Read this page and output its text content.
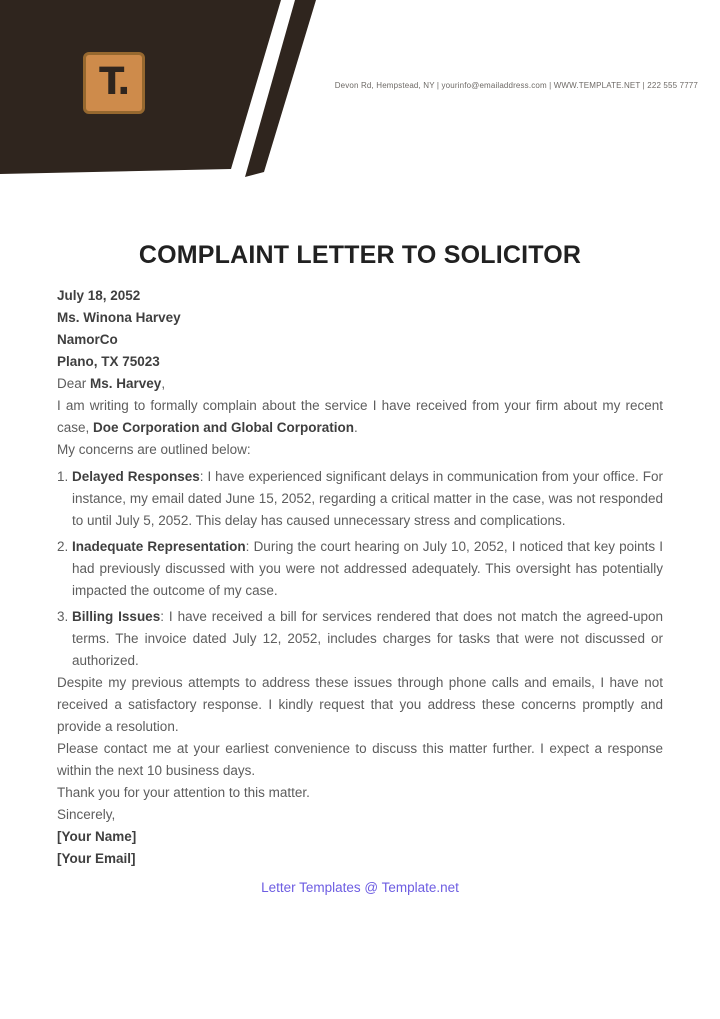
T.	Devon Rd, Hempstead, NY | yourinfo@emailaddress.com | WWW.TEMPLATE.NET | 222 555 7777
COMPLAINT LETTER TO SOLICITOR

July 18, 2052

Ms. Winona Harvey

NamorCo

Plano, TX 75023

Dear Ms. Harvey,

I am writing to formally complain about the service I have received from your firm about my recent case, Doe Corporation and Global Corporation.

My concerns are outlined below:

1. Delayed Responses: I have experienced significant delays in communication from your office. For instance, my email dated June 15, 2052, regarding a critical matter in the case, was not responded to until July 5, 2052. This delay has caused unnecessary stress and complications.
2. Inadequate Representation: During the court hearing on July 10, 2052, I noticed that key points I had previously discussed with you were not addressed adequately. This oversight has potentially impacted the outcome of my case.
3. Billing Issues: I have received a bill for services rendered that does not match the agreed-upon terms. The invoice dated July 12, 2052, includes charges for tasks that were not discussed or authorized.

Despite my previous attempts to address these issues through phone calls and emails, I have not received a satisfactory response. I kindly request that you address these concerns promptly and provide a resolution.

Please contact me at your earliest convenience to discuss this matter further. I expect a response within the next 10 business days.

Thank you for your attention to this matter.

Sincerely,

[Your Name]

[Your Email]

Letter Templates @ Template.net
